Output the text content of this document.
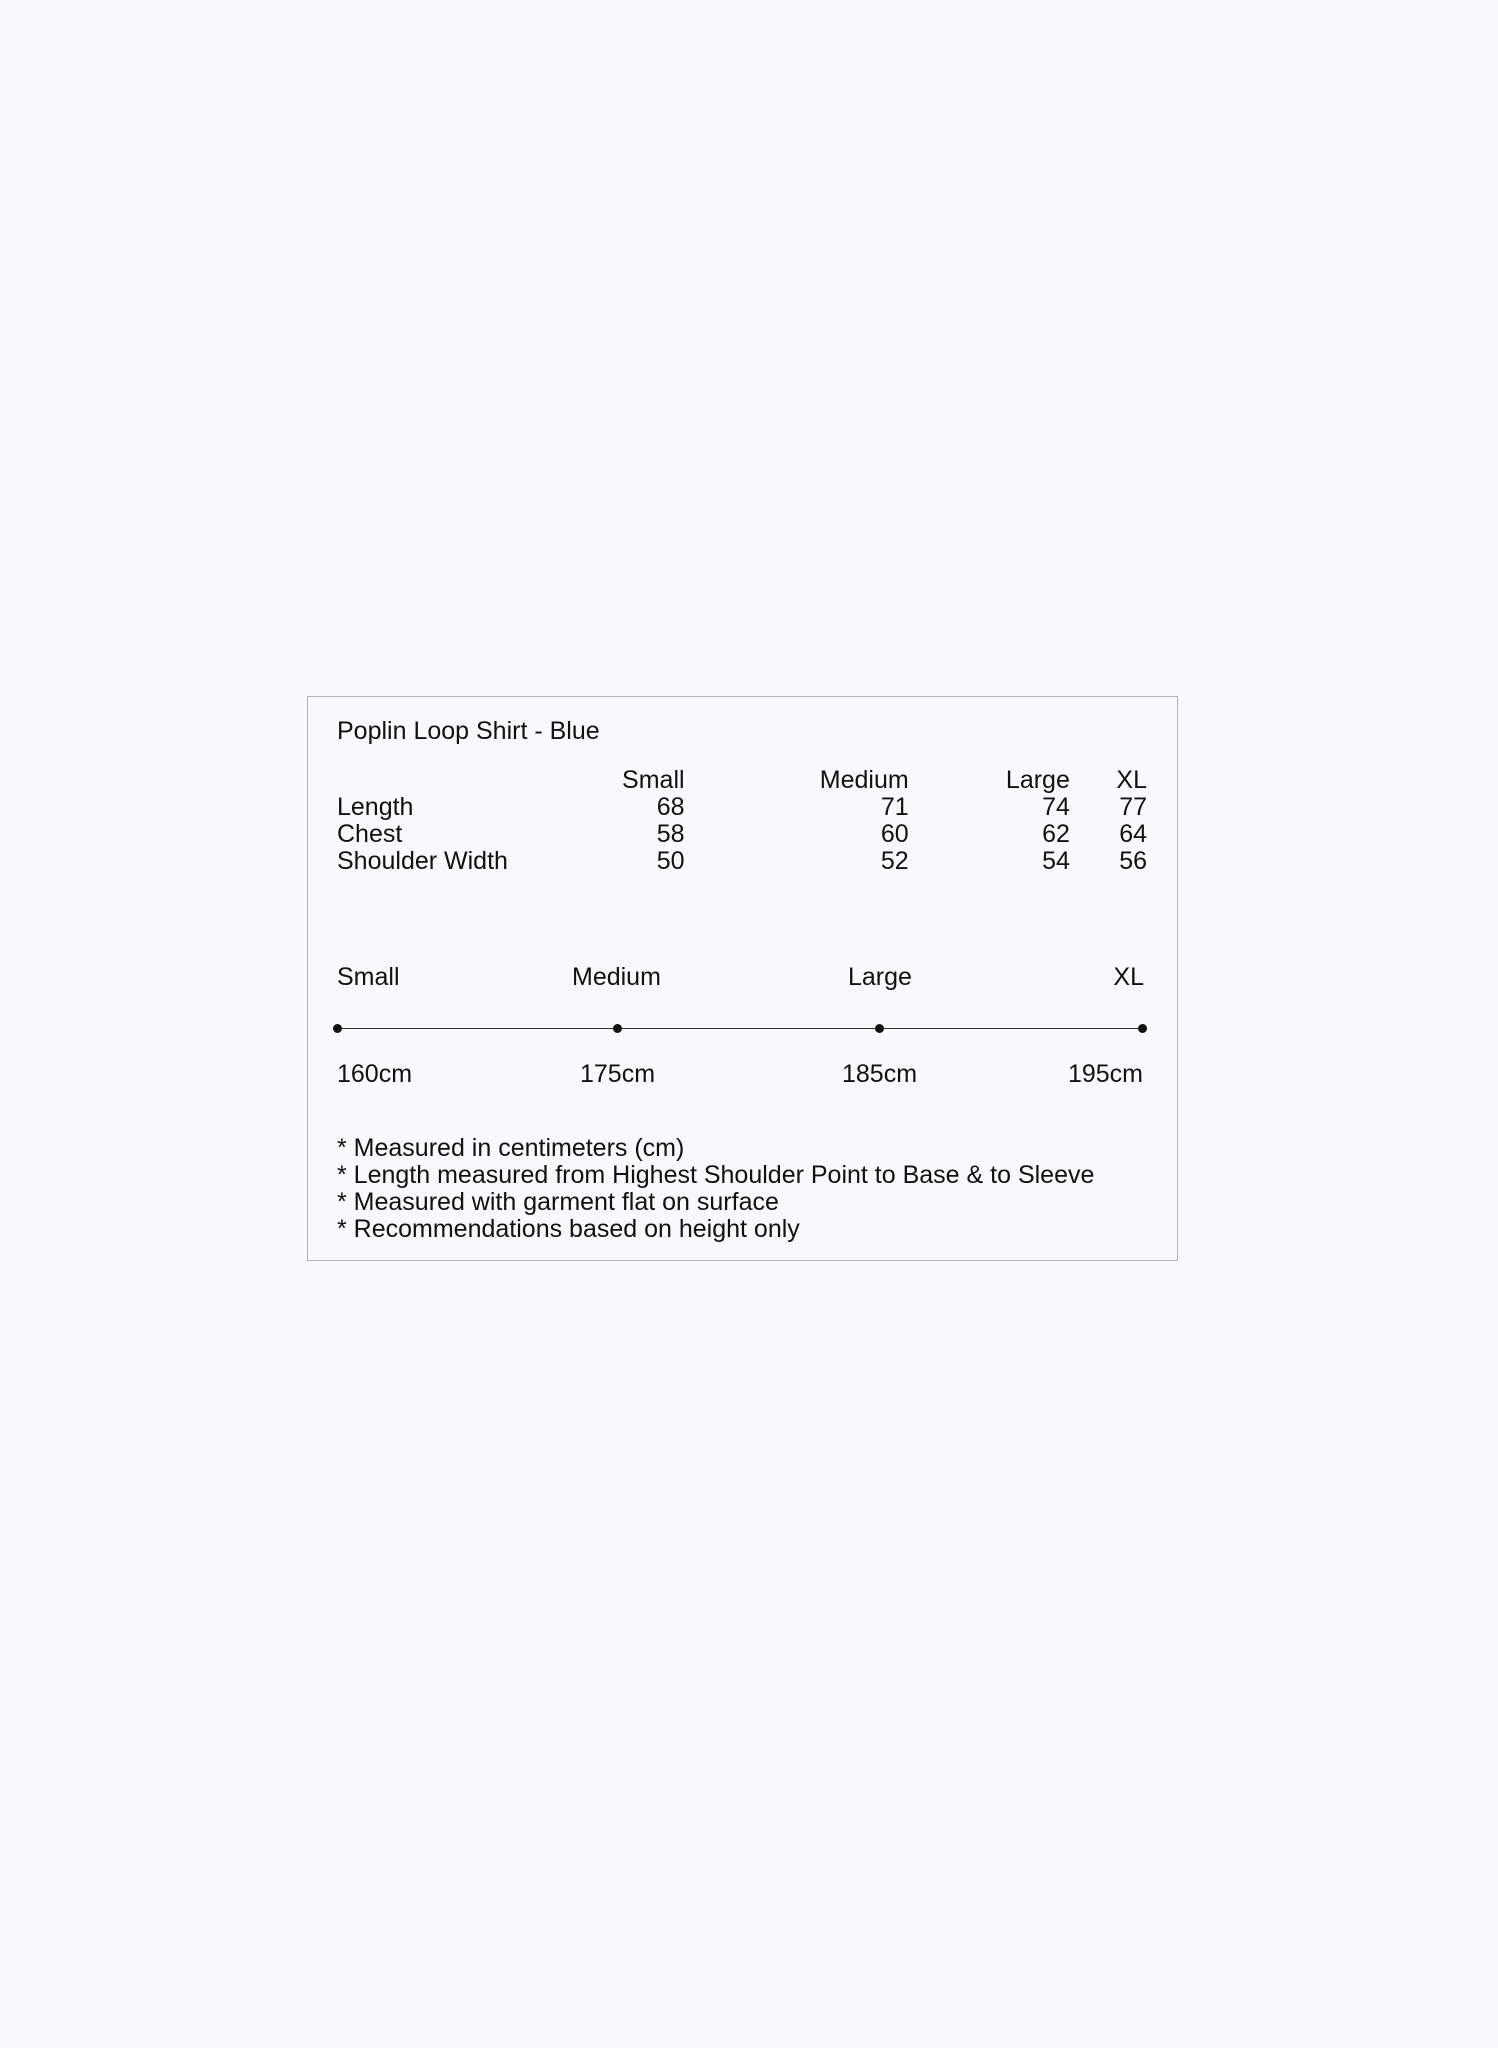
Poplin Loop Shirt - Blue
	Small	Medium	Large	XL
Length	68	71	74	77
Chest	58	60	62	64
Shoulder Width	50	52	54	56
Small	Medium	Large	XL
160cm	175cm	185cm	195cm
* Measured in centimeters (cm)
* Length measured from Highest Shoulder Point to Base & to Sleeve
* Measured with garment flat on surface
* Recommendations based on height only
